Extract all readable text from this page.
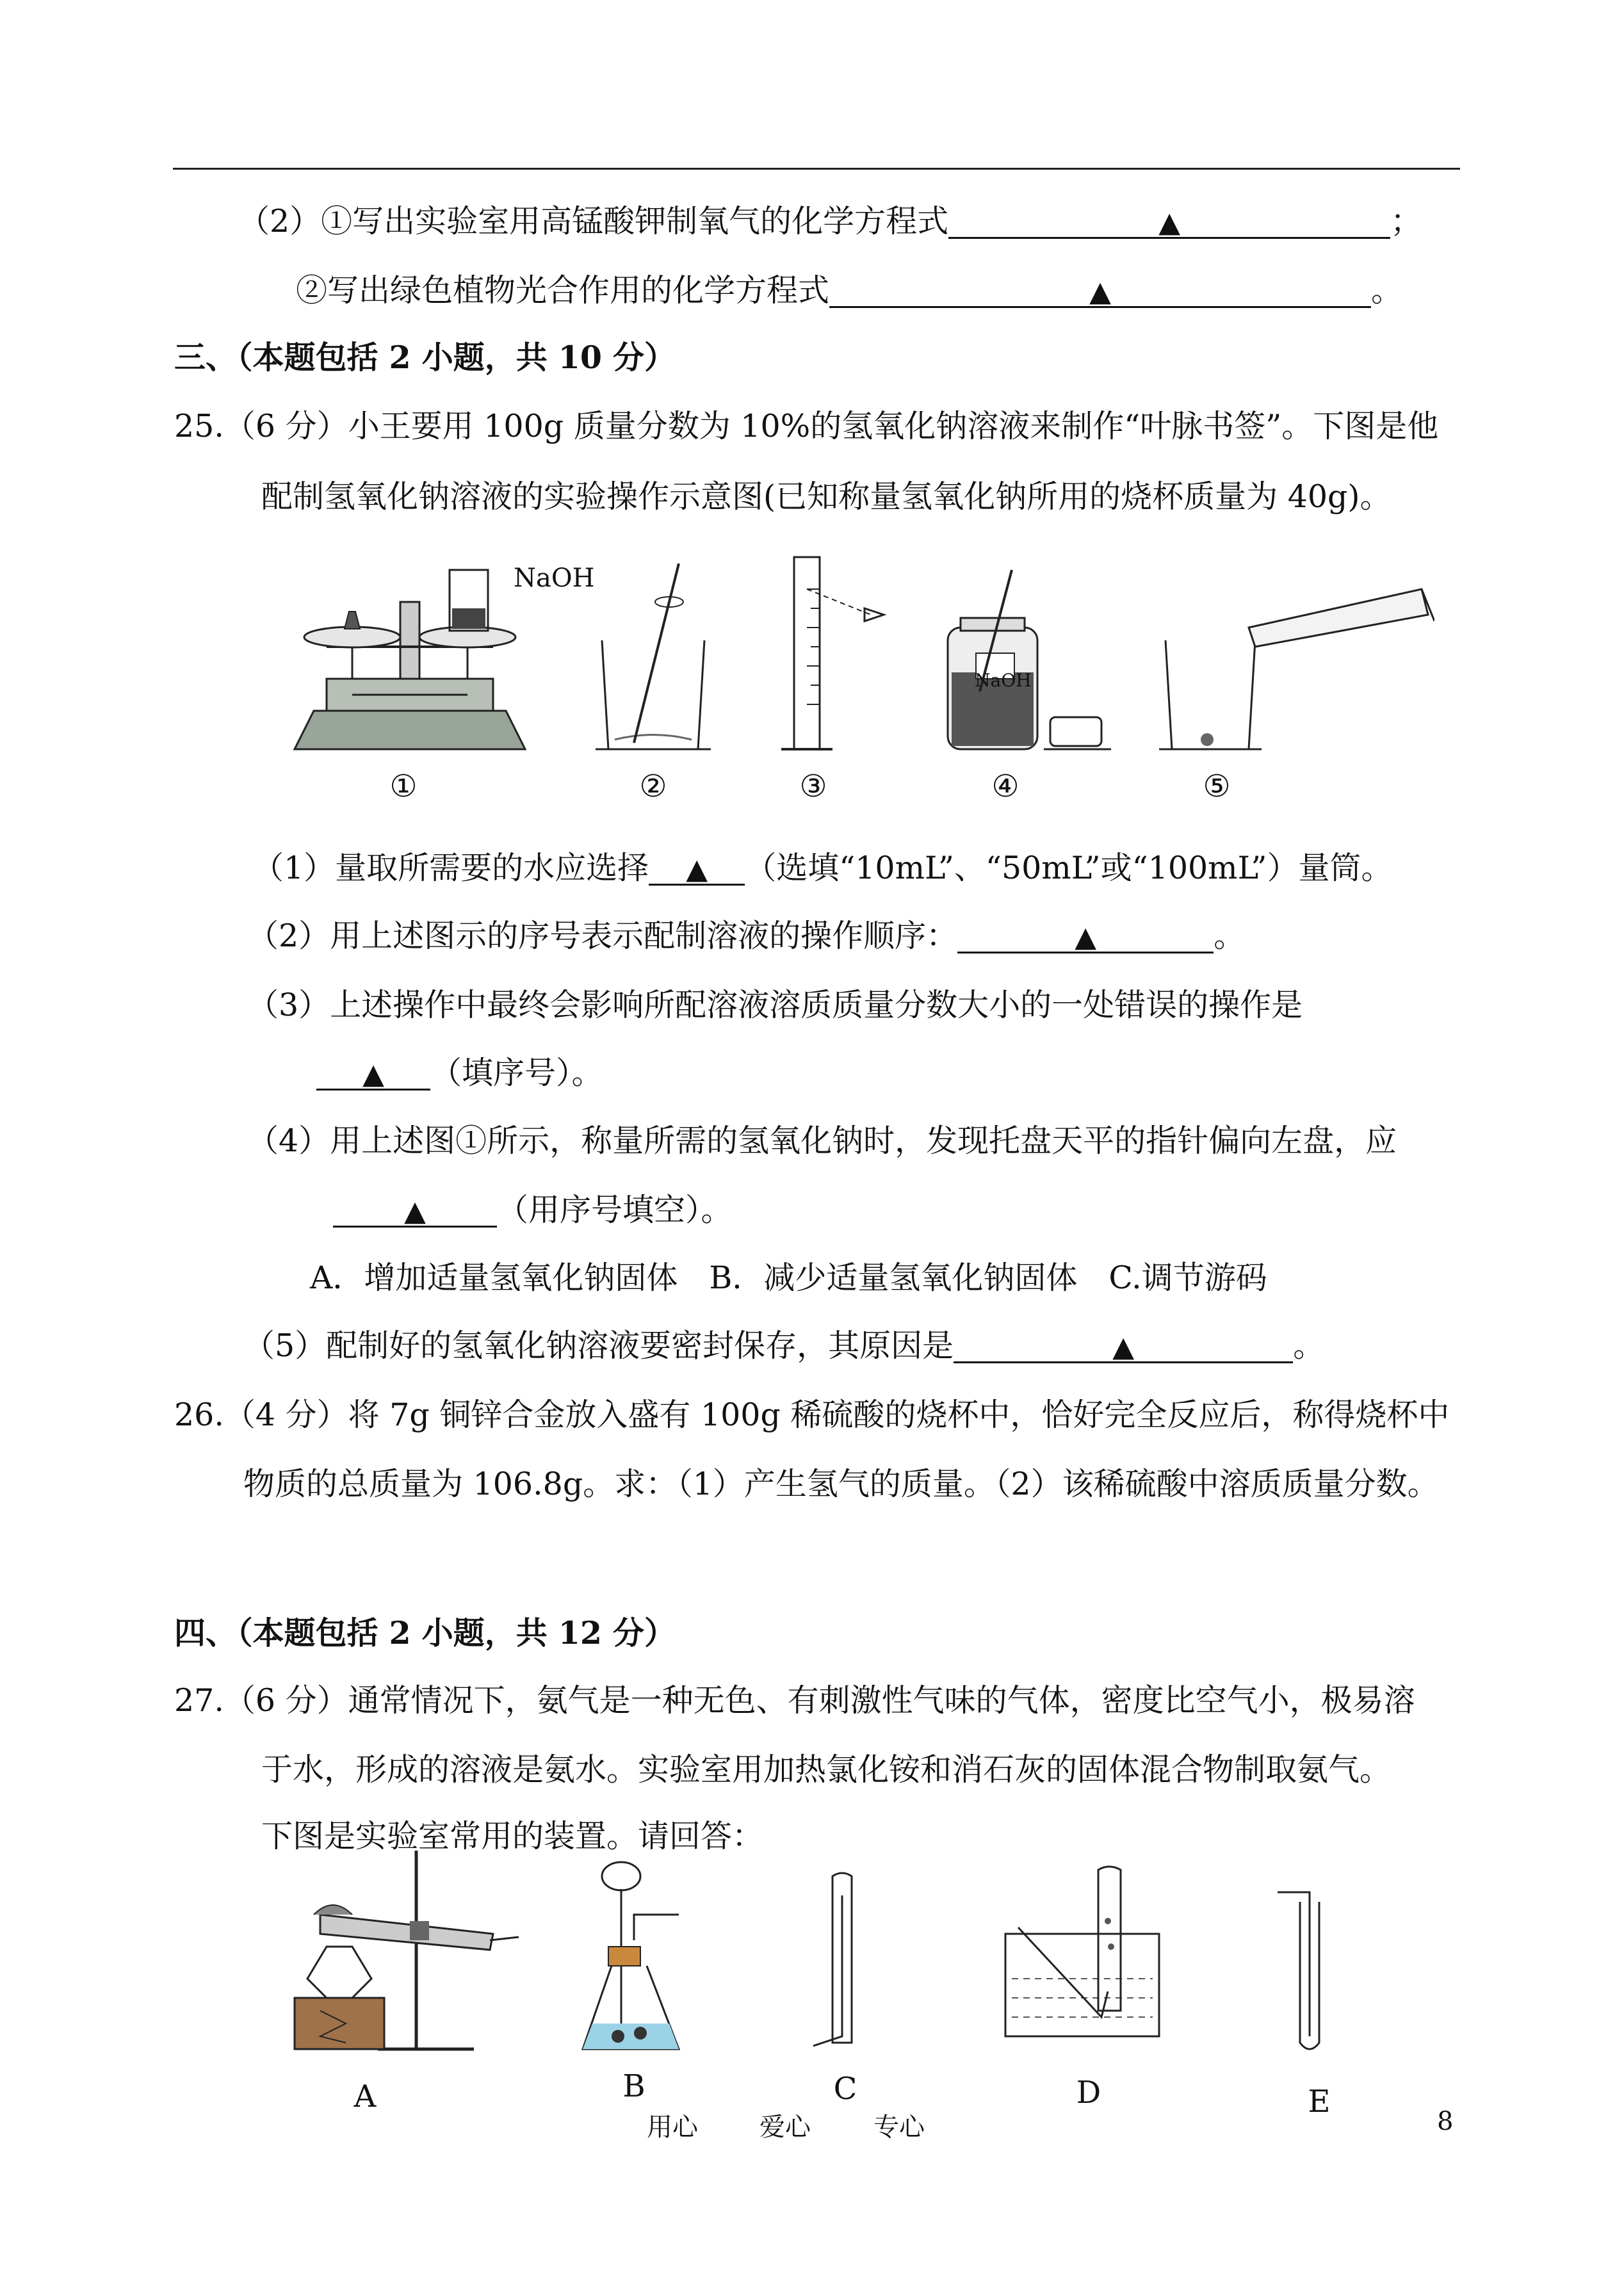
（2）①写出实验室用高锰酸钾制氧气的化学方程式	▲	；
②写出绿色植物光合作用的化学方程式	▲	。
三、（本题包括 2 小题，共 10 分）
25.（6 分）小王要用 100g 质量分数为 10%的氢氧化钠溶液来制作“叶脉书签”。下图是他
配制氢氧化钠溶液的实验操作示意图(已知称量氢氧化钠所用的烧杯质量为 40g)。
NaOH
NaOH
①	②	③	④	⑤
（1）量取所需要的水应选择 ▲ （选填“10mL”、“50mL”或“100mL”）量筒。
（2）用上述图示的序号表示配制溶液的操作顺序：	▲	。
（3）上述操作中最终会影响所配溶液溶质质量分数大小的一处错误的操作是
▲ （填序号）。
（4）用上述图①所示，称量所需的氢氧化钠时，发现托盘天平的指针偏向左盘，应
▲ （用序号填空）。
A．增加适量氢氧化钠固体　B．减少适量氢氧化钠固体　C.调节游码
（5）配制好的氢氧化钠溶液要密封保存，其原因是	▲	。
26.（4 分）将 7g 铜锌合金放入盛有 100g 稀硫酸的烧杯中，恰好完全反应后，称得烧杯中
物质的总质量为 106.8g。求：（1）产生氢气的质量。（2）该稀硫酸中溶质质量分数。
四、（本题包括 2 小题，共 12 分）
27.（6 分）通常情况下，氨气是一种无色、有刺激性气味的气体，密度比空气小，极易溶
于水，形成的溶液是氨水。实验室用加热氯化铵和消石灰的固体混合物制取氨气。
下图是实验室常用的装置。请回答：
A	B	C	D	E
用心 爱心 专心	8
